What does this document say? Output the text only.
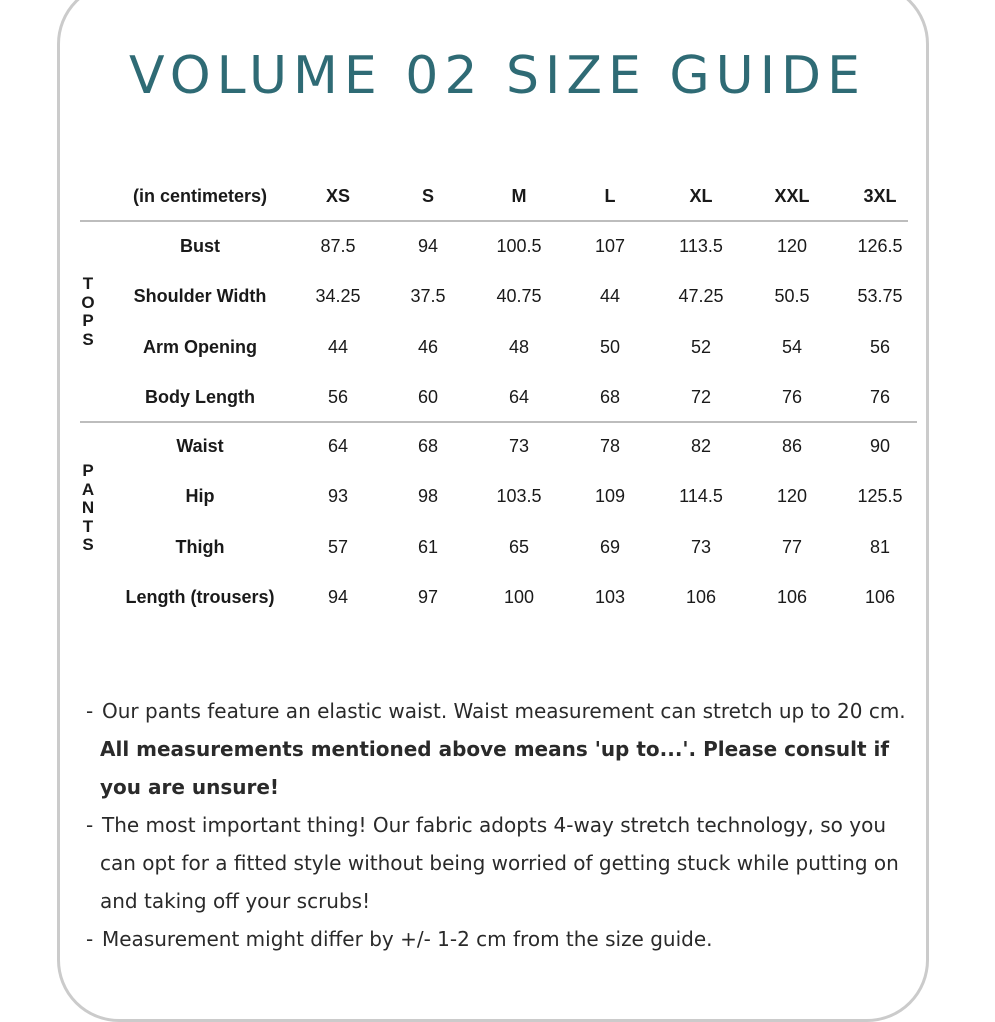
VOLUME 02 SIZE GUIDE
- Our pants feature an elastic waist. Waist measurement can stretch up to 20 cm. All measurements mentioned above means 'up to...'. Please consult if you are unsure!
- The most important thing! Our fabric adopts 4-way stretch technology, so you can opt for a fitted style without being worried of getting stuck while putting on and taking off your scrubs!
- Measurement might differ by +/- 1-2 cm from the size guide.
(in centimeters)	XS	S	M	L	XL	XXL	3XL
Bust	87.5	94	100.5	107	113.5	120	126.5
Shoulder Width	34.25	37.5	40.75	44	47.25	50.5	53.75
Arm Opening	44	46	48	50	52	54	56
Body Length	56	60	64	68	72	76	76
T
O
P
S
Waist	64	68	73	78	82	86	90
Hip	93	98	103.5	109	114.5	120	125.5
Thigh	57	61	65	69	73	77	81
Length (trousers)	94	97	100	103	106	106	106
P
A
N
T
S
